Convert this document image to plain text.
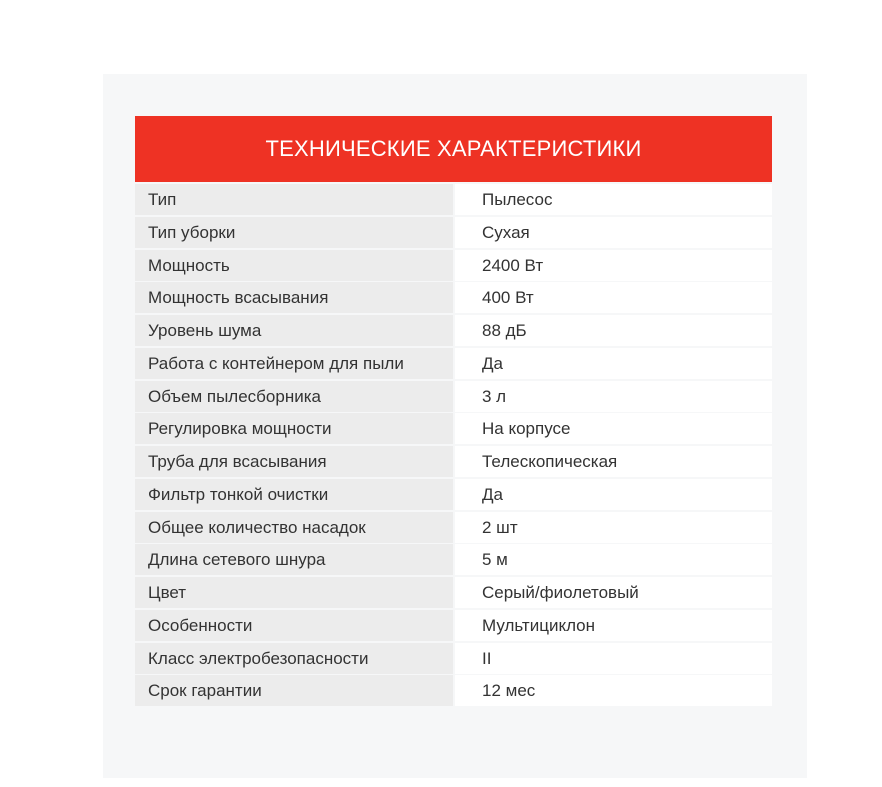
ТЕХНИЧЕСКИЕ ХАРАКТЕРИСТИКИ
Тип	Пылесос
Тип уборки	Сухая
Мощность	2400 Вт
Мощность всасывания	400 Вт
Уровень шума	88 дБ
Работа с контейнером для пыли	Да
Объем пылесборника	3 л
Регулировка мощности	На корпусе
Труба для всасывания	Телескопическая
Фильтр тонкой очистки	Да
Общее количество насадок	2 шт
Длина сетевого шнура	5 м
Цвет	Серый/фиолетовый
Особенности	Мультициклон
Класс электробезопасности	II
Срок гарантии	12 мес
